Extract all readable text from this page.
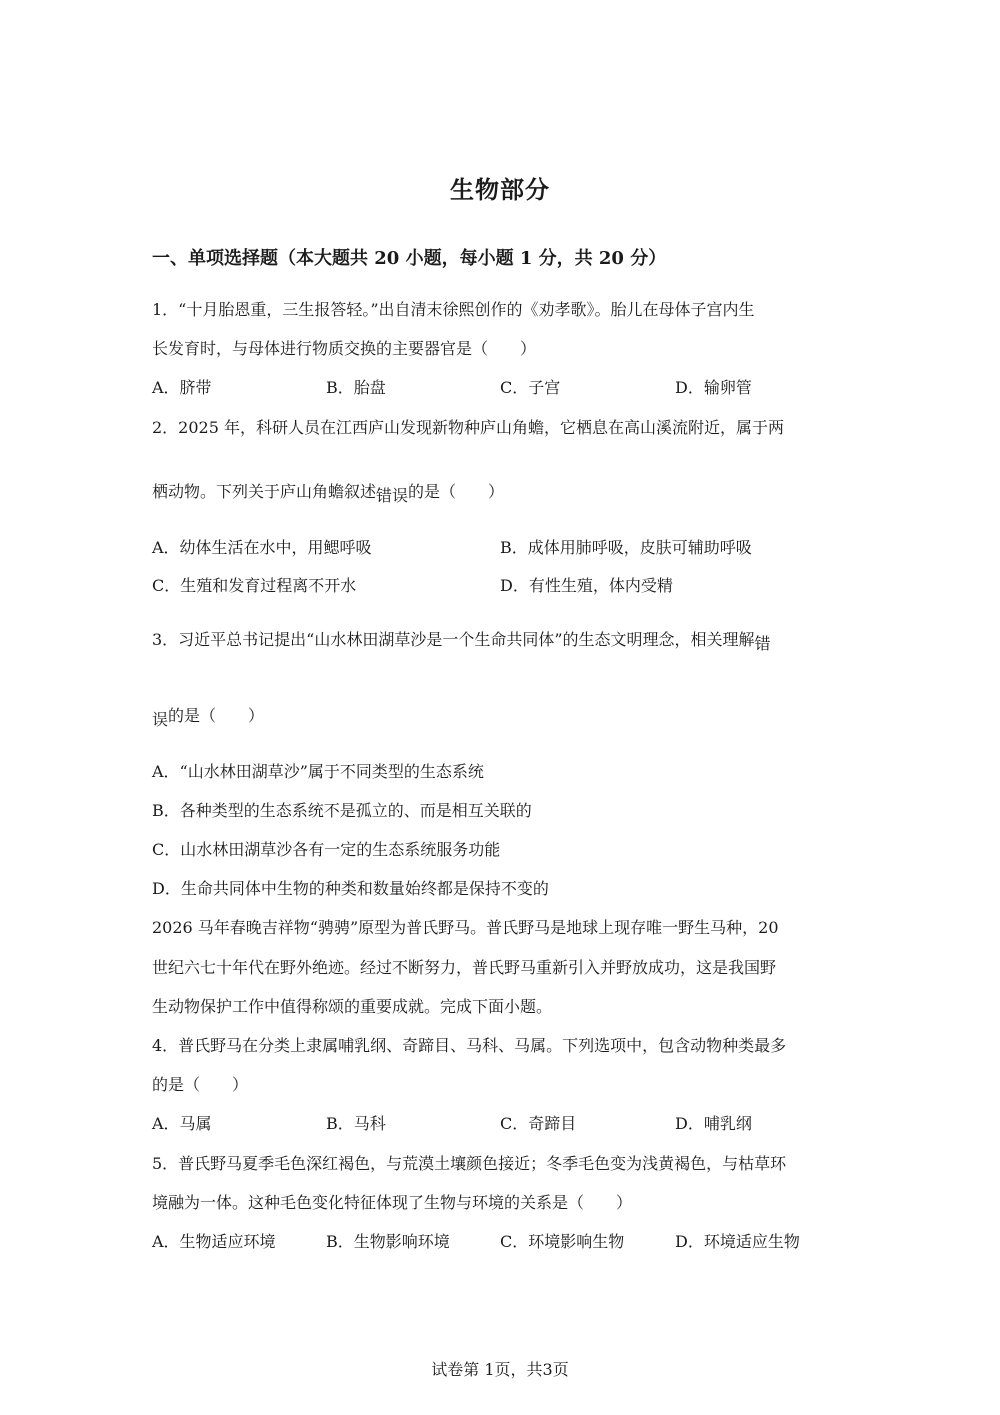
生物部分
一、单项选择题（本大题共 20 小题，每小题 1 分，共 20 分）
1．“十月胎恩重，三生报答轻。”出自清末徐熙创作的《劝孝歌》。胎儿在母体子宫内生
长发育时，与母体进行物质交换的主要器官是（　　）
A．脐带	B．胎盘	C．子宫	D．输卵管
2．2025 年，科研人员在江西庐山发现新物种庐山角蟾，它栖息在高山溪流附近，属于两
栖动物。下列关于庐山角蟾叙述错误的是（　　）
A．幼体生活在水中，用鳃呼吸	B．成体用肺呼吸，皮肤可辅助呼吸
C．生殖和发育过程离不开水	D．有性生殖，体内受精
3．习近平总书记提出“山水林田湖草沙是一个生命共同体”的生态文明理念，相关理解错
误的是（　　）
A．“山水林田湖草沙”属于不同类型的生态系统
B．各种类型的生态系统不是孤立的、而是相互关联的
C．山水林田湖草沙各有一定的生态系统服务功能
D．生命共同体中生物的种类和数量始终都是保持不变的
2026 马年春晚吉祥物“骋骋”原型为普氏野马。普氏野马是地球上现存唯一野生马种，20
世纪六七十年代在野外绝迹。经过不断努力，普氏野马重新引入并野放成功，这是我国野
生动物保护工作中值得称颂的重要成就。完成下面小题。
4．普氏野马在分类上隶属哺乳纲、奇蹄目、马科、马属。下列选项中，包含动物种类最多
的是（　　）
A．马属	B．马科	C．奇蹄目	D．哺乳纲
5．普氏野马夏季毛色深红褐色，与荒漠土壤颜色接近；冬季毛色变为浅黄褐色，与枯草环
境融为一体。这种毛色变化特征体现了生物与环境的关系是（　　）
A．生物适应环境	B．生物影响环境	C．环境影响生物	D．环境适应生物
试卷第 1页，共3页
